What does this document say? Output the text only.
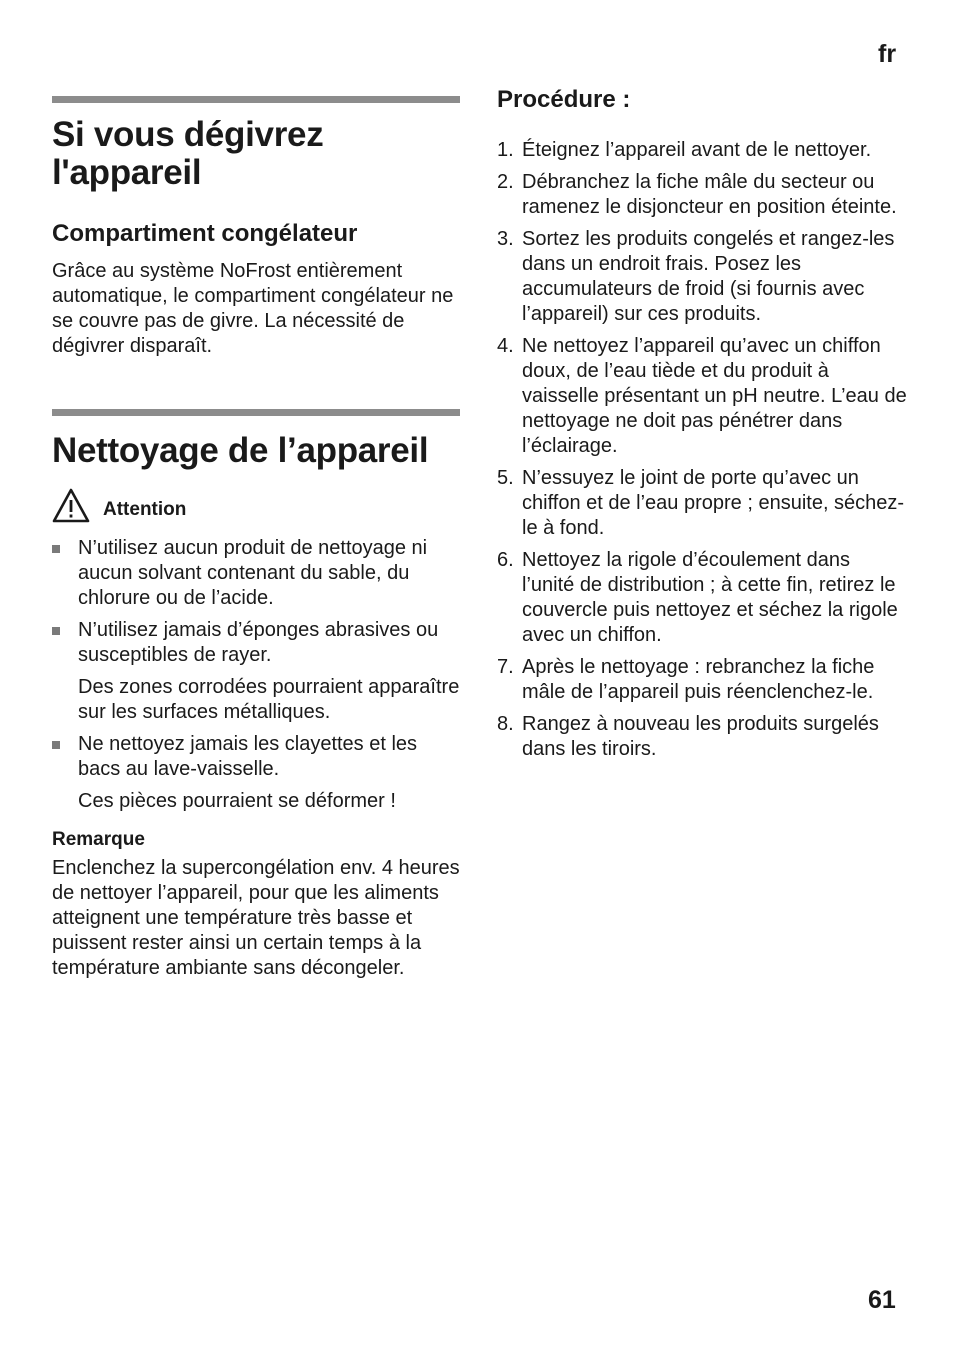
fr
Si vous dégivrez l'appareil
Compartiment congélateur

Grâce au système NoFrost entièrement automatique, le compartiment congélateur ne se couvre pas de givre. La nécessité de dégivrer disparaît.

Nettoyage de l’appareil
Attention

N’utilisez aucun produit de nettoyage ni aucun solvant contenant du sable, du chlorure ou de l’acide.

N’utilisez jamais d’éponges abrasives ou susceptibles de rayer.

Des zones corrodées pourraient apparaître sur les surfaces métalliques.

Ne nettoyez jamais les clayettes et les bacs au lave-vaisselle.

Ces pièces pourraient se déformer !

Remarque

Enclenchez la supercongélation env. 4 heures de nettoyer l’appareil, pour que les aliments atteignent une température très basse et puissent rester ainsi un certain temps à la température ambiante sans décongeler.

Procédure :
1. Éteignez l’appareil avant de le nettoyer.
2. Débranchez la fiche mâle du secteur ou ramenez le disjoncteur en position éteinte.
3. Sortez les produits congelés et rangez-les dans un endroit frais. Posez les accumulateurs de froid (si fournis avec l’appareil) sur ces produits.
4. Ne nettoyez l’appareil qu’avec un chiffon doux, de l’eau tiède et du produit à vaisselle présentant un pH neutre. L’eau de nettoyage ne doit pas pénétrer dans l’éclairage.
5. N’essuyez le joint de porte qu’avec un chiffon et de l’eau propre ; ensuite, séchez-le à fond.
6. Nettoyez la rigole d’écoulement dans l’unité de distribution ; à cette fin, retirez le couvercle puis nettoyez et séchez la rigole avec un chiffon.
7. Après le nettoyage : rebranchez la fiche mâle de l’appareil puis réenclenchez-le.
8. Rangez à nouveau les produits surgelés dans les tiroirs.
61
